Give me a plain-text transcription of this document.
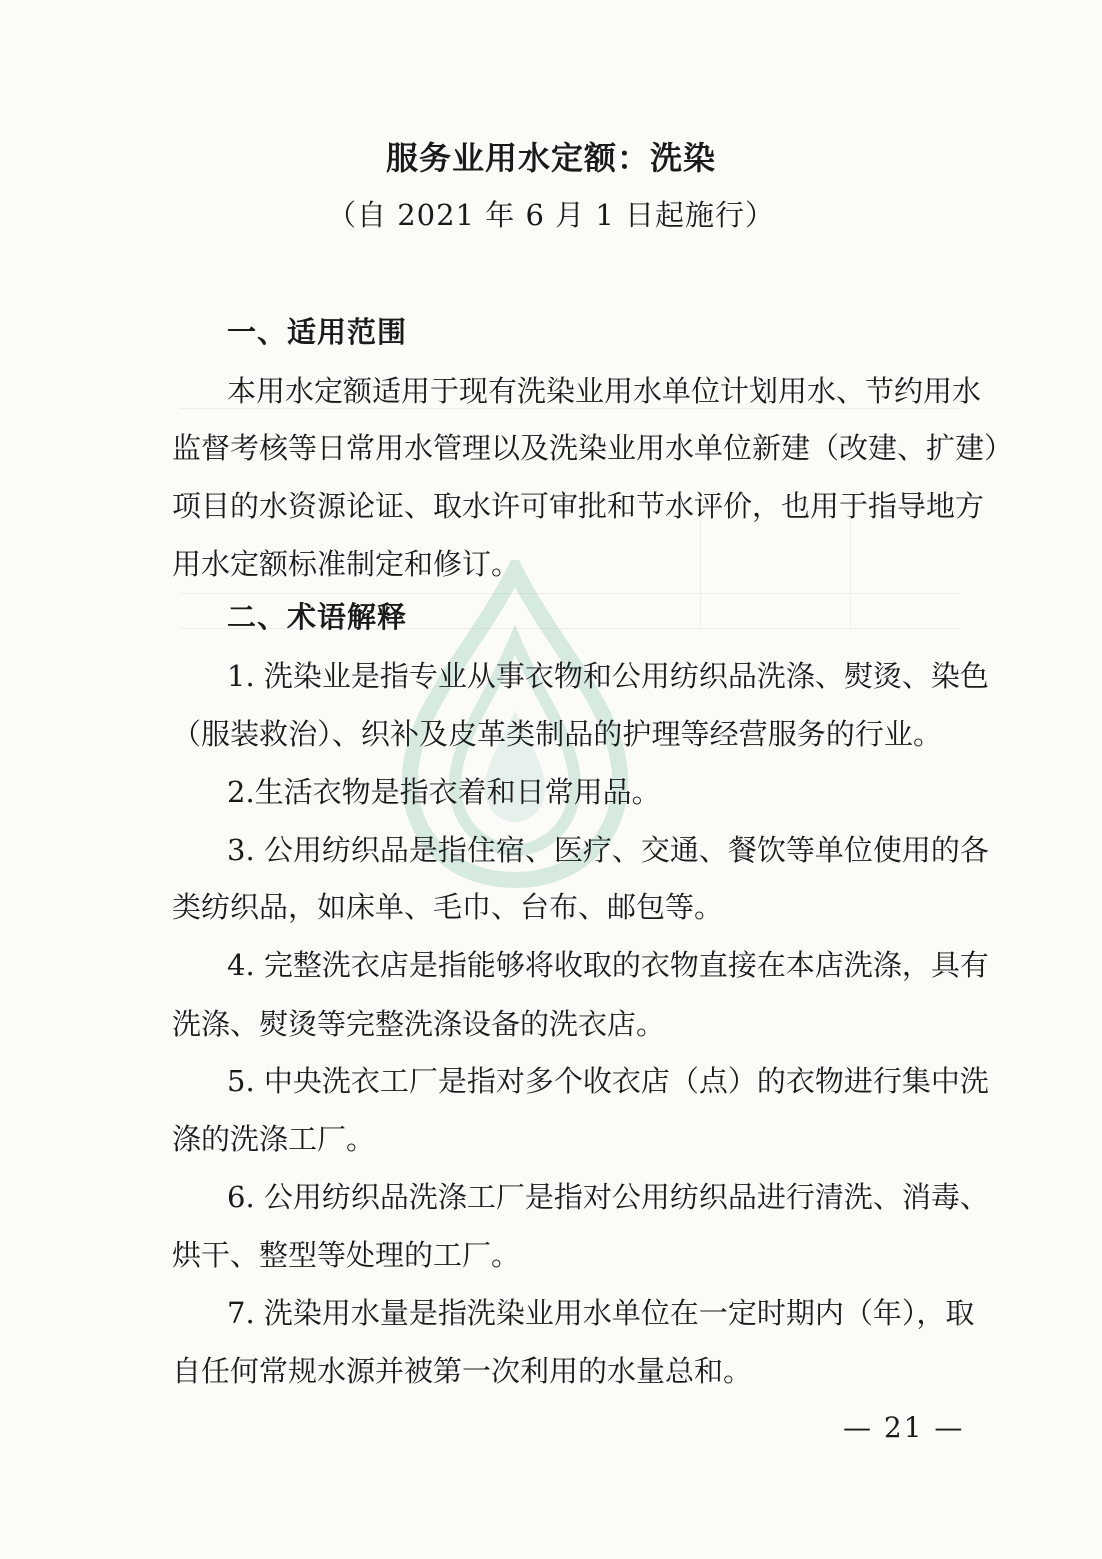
服务业用水定额：洗染
（自 2021 年 6 月 1 日起施行）
一、适用范围
本用水定额适用于现有洗染业用水单位计划用水、节约用水
监督考核等日常用水管理以及洗染业用水单位新建（改建、扩建）
项目的水资源论证、取水许可审批和节水评价，也用于指导地方
用水定额标准制定和修订。
二、术语解释
1. 洗染业是指专业从事衣物和公用纺织品洗涤、熨烫、染色
（服装救治）、织补及皮革类制品的护理等经营服务的行业。
2.生活衣物是指衣着和日常用品。
3. 公用纺织品是指住宿、医疗、交通、餐饮等单位使用的各
类纺织品，如床单、毛巾、台布、邮包等。
4. 完整洗衣店是指能够将收取的衣物直接在本店洗涤，具有
洗涤、熨烫等完整洗涤设备的洗衣店。
5. 中央洗衣工厂是指对多个收衣店（点）的衣物进行集中洗
涤的洗涤工厂。
6. 公用纺织品洗涤工厂是指对公用纺织品进行清洗、消毒、
烘干、整型等处理的工厂。
7. 洗染用水量是指洗染业用水单位在一定时期内（年），取
自任何常规水源并被第一次利用的水量总和。
— 21 —
